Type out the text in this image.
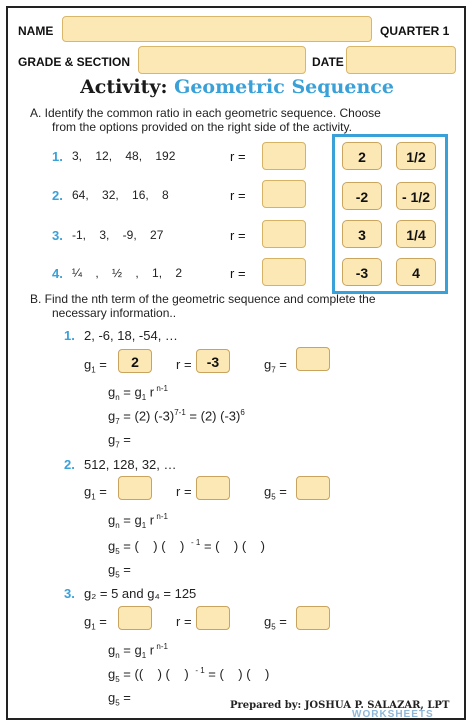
NAME	QUARTER 1
GRADE & SECTION	DATE
Activity: Geometric Sequence
A. Identify the common ratio in each geometric sequence. Choose
from the options provided on the right side of the activity.
1. 3, 12, 48, 192	r =
2. 64, 32, 16, 8	r =
3. -1, 3, -9, 27	r =
4. ¼ , ½ , 1, 2	r =
2	1/2
-2	- 1/2
3	1/4
-3	4
B. Find the nth term of the geometric sequence and complete the
necessary information..
1. 2, -6, 18, -54, …
$g_1$ =	2	r =	-3	$g_7$ =
$g_n = g_1$ r $^{n-1}$
$g_7 = (2) (-3)^{7-1} = (2)$ $(-3)^6$
$g_7$ =
2. 512, 128, 32, …
$g_1$ =	r =	$g_5$ =
$g_n = g_1$ r $^{n-1}$
$g_5$ = (    ) (    )   $^{- 1}$ = (    ) (    )
$g_5$ =
3. g₂ = 5 and g₄ = 125
$g_1$ =	r =	$g_5$ =
$g_n = g_1$ r $^{n-1}$
$g_5$ = ((    ) (    )   $^{- 1}$ = (    ) (    )
$g_5$ =
Prepared by: JOSHUA P. SALAZAR, LPT
WORKSHEETS
